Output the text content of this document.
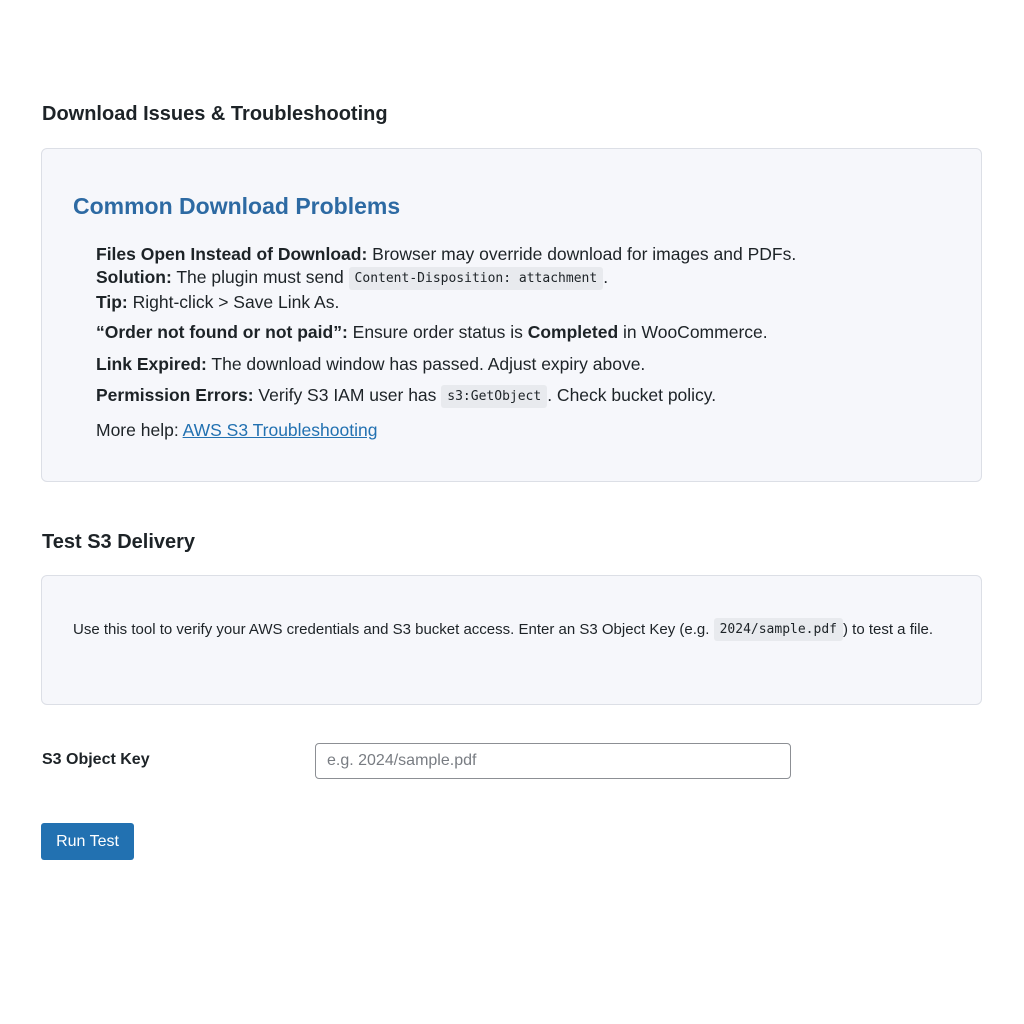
Download Issues & Troubleshooting
Common Download Problems
Files Open Instead of Download: Browser may override download for images and PDFs.
Solution: The plugin must send Content-Disposition: attachment .
Tip: Right-click > Save Link As.
“Order not found or not paid”: Ensure order status is Completed in WooCommerce.
Link Expired: The download window has passed. Adjust expiry above.
Permission Errors: Verify S3 IAM user has s3:GetObject . Check bucket policy.
More help: AWS S3 Troubleshooting
Test S3 Delivery

Use this tool to verify your AWS credentials and S3 bucket access. Enter an S3 Object Key (e.g. 2024/sample.pdf ) to test a file.

S3 Object Key
e.g. 2024/sample.pdf
Run Test
